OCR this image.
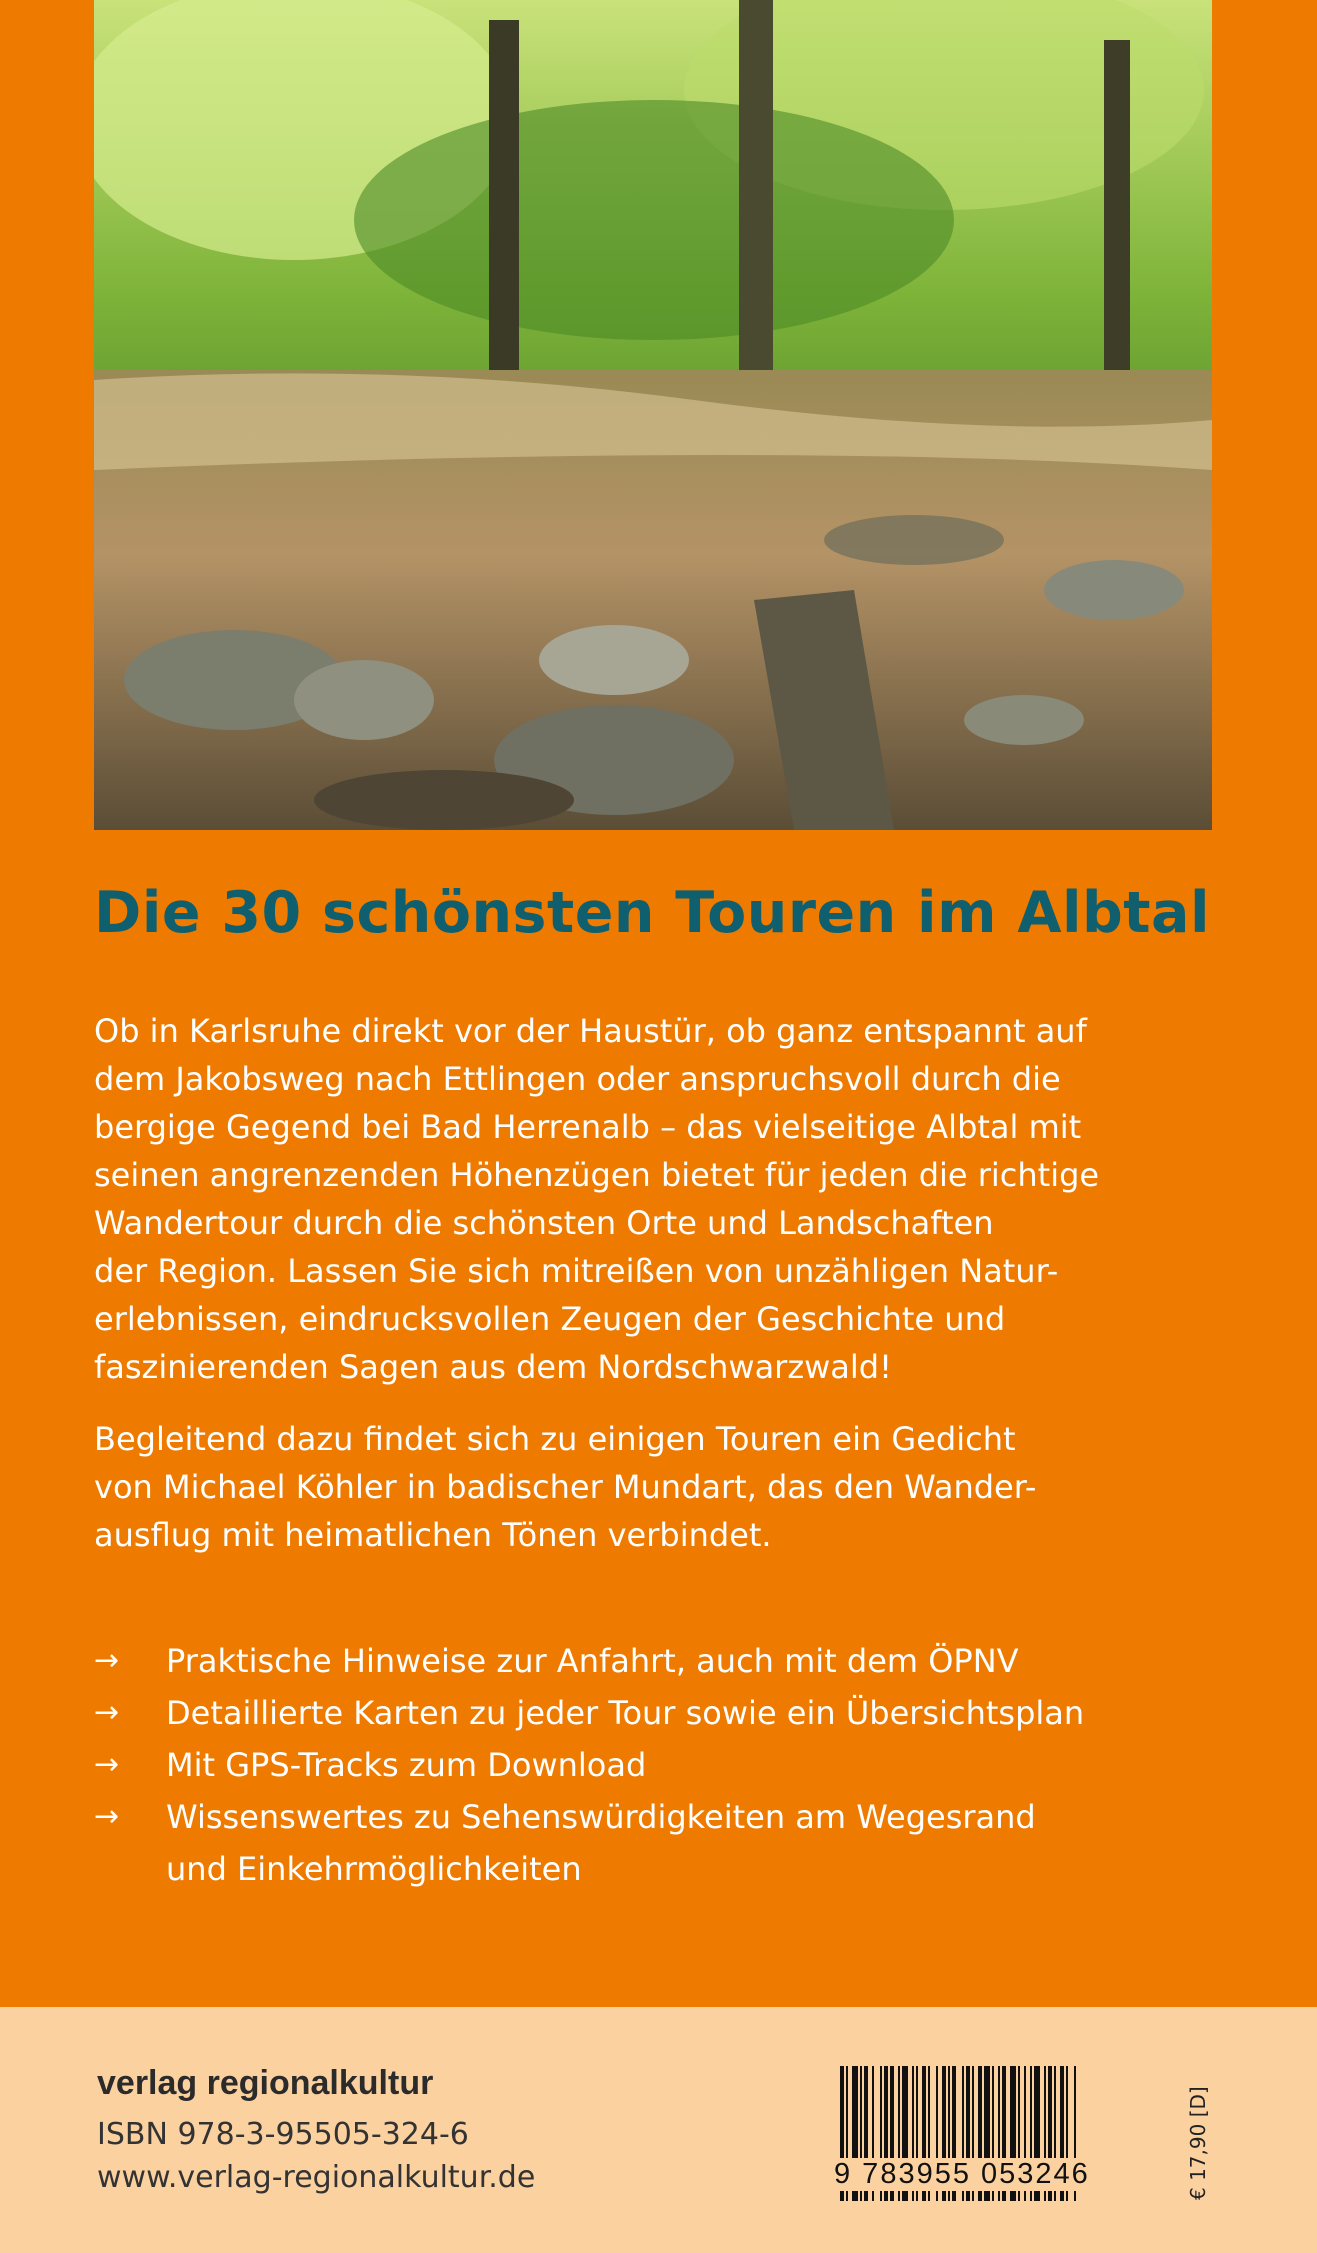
Die 30 schönsten Touren im Albtal
Ob in Karlsruhe direkt vor der Haustür, ob ganz entspannt auf
dem Jakobsweg nach Ettlingen oder anspruchsvoll durch die
bergige Gegend bei Bad Herrenalb – das vielseitige Albtal mit
seinen angrenzenden Höhenzügen bietet für jeden die richtige
Wandertour durch die schönsten Orte und Landschaften
der Region. Lassen Sie sich mitreißen von unzähligen Natur-
erlebnissen, eindrucksvollen Zeugen der Geschichte und
faszinierenden Sagen aus dem Nordschwarzwald!
Begleitend dazu findet sich zu einigen Touren ein Gedicht
von Michael Köhler in badischer Mundart, das den Wander-
ausflug mit heimatlichen Tönen verbindet.
→ Praktische Hinweise zur Anfahrt, auch mit dem ÖPNV
→ Detaillierte Karten zu jeder Tour sowie ein Übersichtsplan
→ Mit GPS-Tracks zum Download
→ Wissenswertes zu Sehenswürdigkeiten am Wegesrand
und Einkehrmöglichkeiten
verlag regionalkultur
ISBN 978-3-95505-324-6
www.verlag-regionalkultur.de	9 783955 053246	€ 17,90 [D]
